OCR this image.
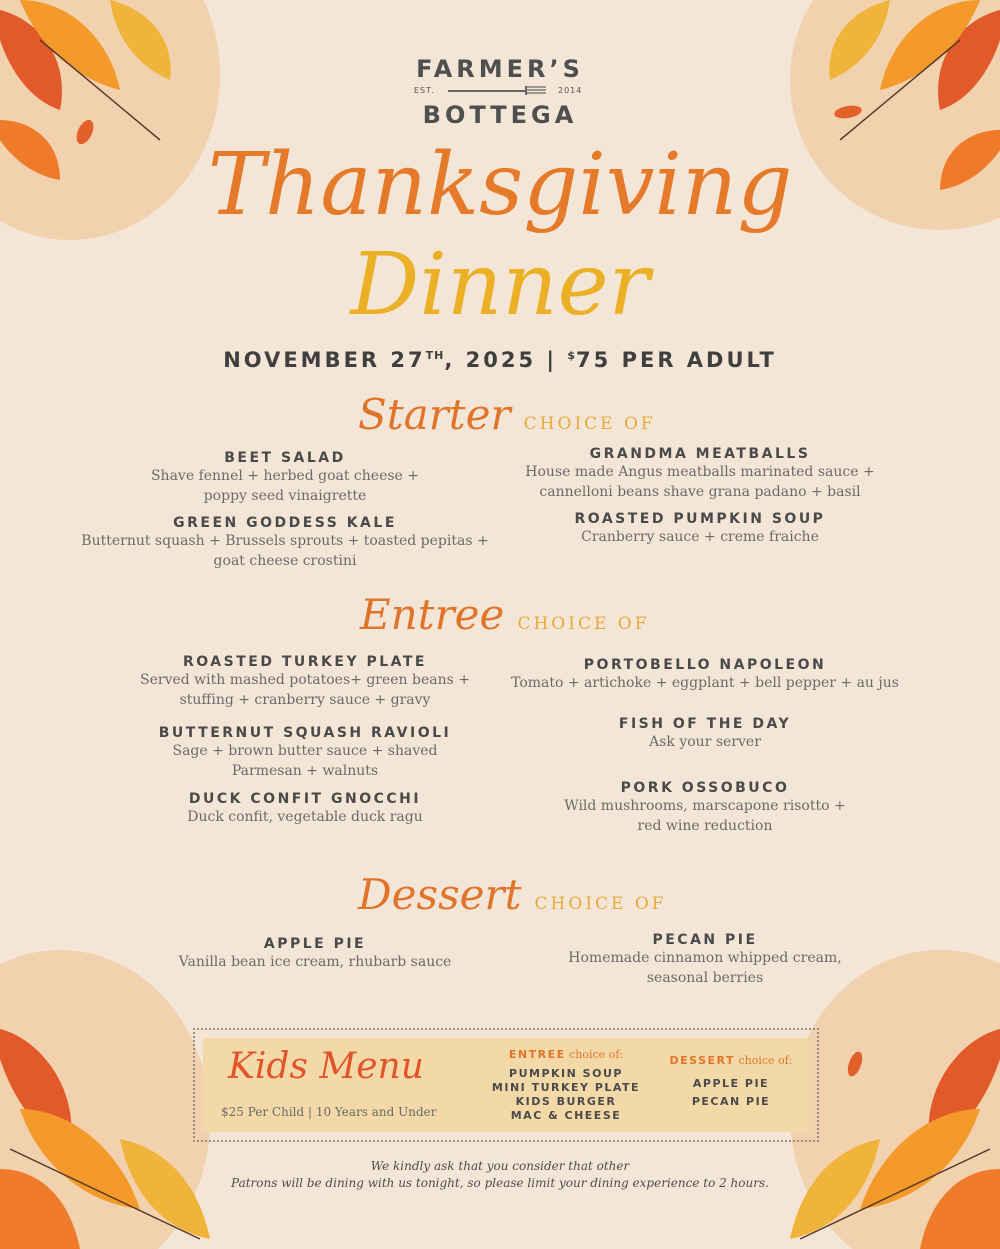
FARMER’S
EST.	2014
BOTTEGA
Thanksgiving
Dinner
NOVEMBER 27TH, 2025 | $75 PER ADULT
Starter CHOICE OF
BEET SALAD
Shave fennel + herbed goat cheese +
poppy seed vinaigrette
GREEN GODDESS KALE
Butternut squash + Brussels sprouts + toasted pepitas +
goat cheese crostini
GRANDMA MEATBALLS
House made Angus meatballs marinated sauce +
cannelloni beans shave grana padano + basil
ROASTED PUMPKIN SOUP
Cranberry sauce + creme fraiche
Entree CHOICE OF
ROASTED TURKEY PLATE
Served with mashed potatoes+ green beans +
stuffing + cranberry sauce + gravy
BUTTERNUT SQUASH RAVIOLI
Sage + brown butter sauce + shaved
Parmesan + walnuts
DUCK CONFIT GNOCCHI
Duck confit, vegetable duck ragu
PORTOBELLO NAPOLEON
Tomato + artichoke + eggplant + bell pepper + au jus
FISH OF THE DAY
Ask your server
PORK OSSOBUCO
Wild mushrooms, marscapone risotto +
red wine reduction
Dessert CHOICE OF
APPLE PIE
Vanilla bean ice cream, rhubarb sauce
PECAN PIE
Homemade cinnamon whipped cream,
seasonal berries
Kids Menu
$25 Per Child | 10 Years and Under
ENTREE choice of:
PUMPKIN SOUP
MINI TURKEY PLATE
KIDS BURGER
MAC & CHEESE
DESSERT choice of:
APPLE PIE
PECAN PIE
We kindly ask that you consider that other
Patrons will be dining with us tonight, so please limit your dining experience to 2 hours.
